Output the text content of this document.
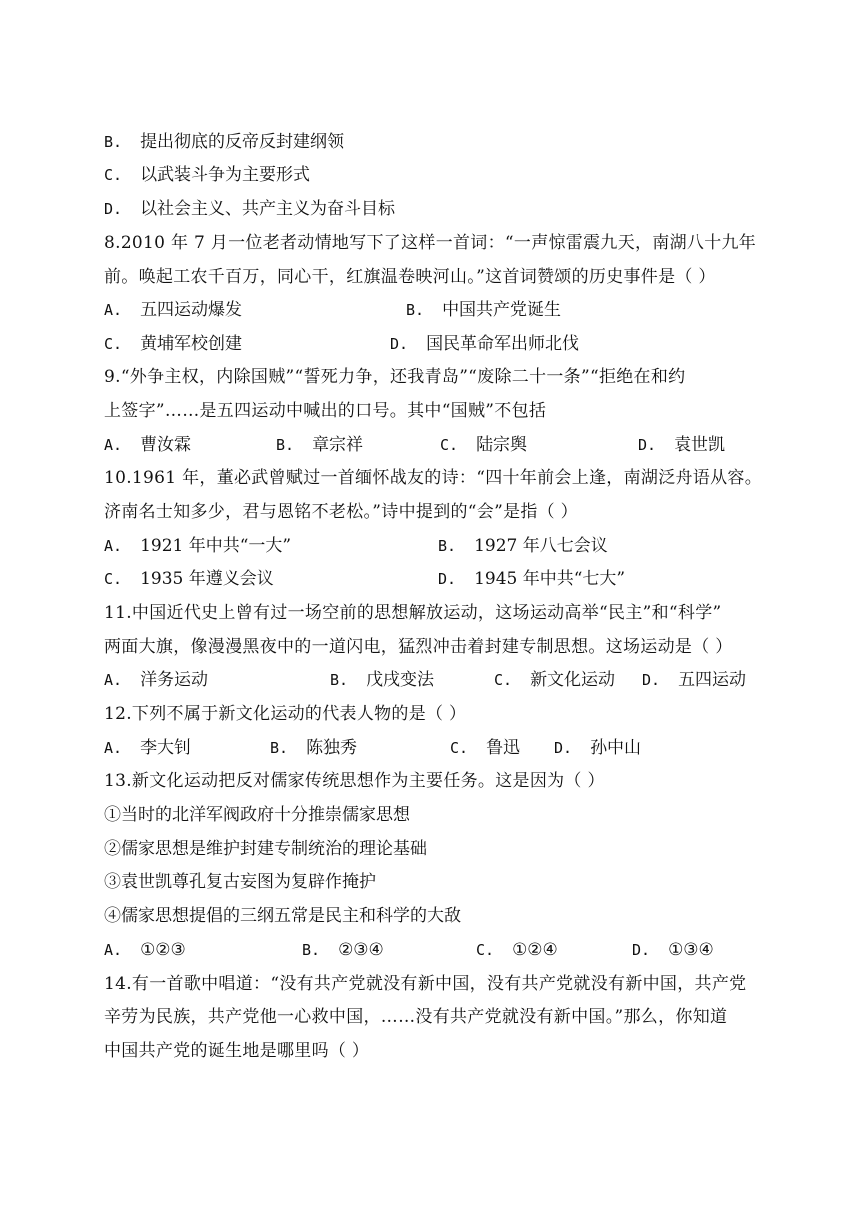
B. 提出彻底的反帝反封建纲领
C. 以武装斗争为主要形式
D. 以社会主义、共产主义为奋斗目标
8.2010 年 7 月一位老者动情地写下了这样一首词：“一声惊雷震九天，南湖八十九年
前。唤起工农千百万，同心干，红旗温卷映河山。”这首词赞颂的历史事件是（ ）
A. 五四运动爆发	B. 中国共产党诞生
C. 黄埔军校创建	D. 国民革命军出师北伐
9.“外争主权，内除国贼”“誓死力争，还我青岛”“废除二十一条”“拒绝在和约
上签字”……是五四运动中喊出的口号。其中“国贼”不包括
A. 曹汝霖	B. 章宗祥	C. 陆宗舆	D. 袁世凯
10.1961 年，董必武曾赋过一首缅怀战友的诗：“四十年前会上逢，南湖泛舟语从容。
济南名士知多少，君与恩铭不老松。”诗中提到的“会”是指（ ）
A. 1921 年中共“一大”	B. 1927 年八七会议
C. 1935 年遵义会议	D. 1945 年中共“七大”
11.中国近代史上曾有过一场空前的思想解放运动，这场运动高举“民主”和“科学”
两面大旗，像漫漫黑夜中的一道闪电，猛烈冲击着封建专制思想。这场运动是（ ）
A. 洋务运动	B. 戊戌变法	C. 新文化运动 D. 五四运动
12.下列不属于新文化运动的代表人物的是（ ）
A. 李大钊	B. 陈独秀	C. 鲁迅 D. 孙中山
13.新文化运动把反对儒家传统思想作为主要任务。这是因为（ ）
①当时的北洋军阀政府十分推崇儒家思想
②儒家思想是维护封建专制统治的理论基础
③袁世凯尊孔复古妄图为复辟作掩护
④儒家思想提倡的三纲五常是民主和科学的大敌
A. ①②③	B. ②③④	C. ①②④	D. ①③④
14.有一首歌中唱道：“没有共产党就没有新中国，没有共产党就没有新中国，共产党
辛劳为民族，共产党他一心救中国，……没有共产党就没有新中国。”那么，你知道
中国共产党的诞生地是哪里吗（ ）
